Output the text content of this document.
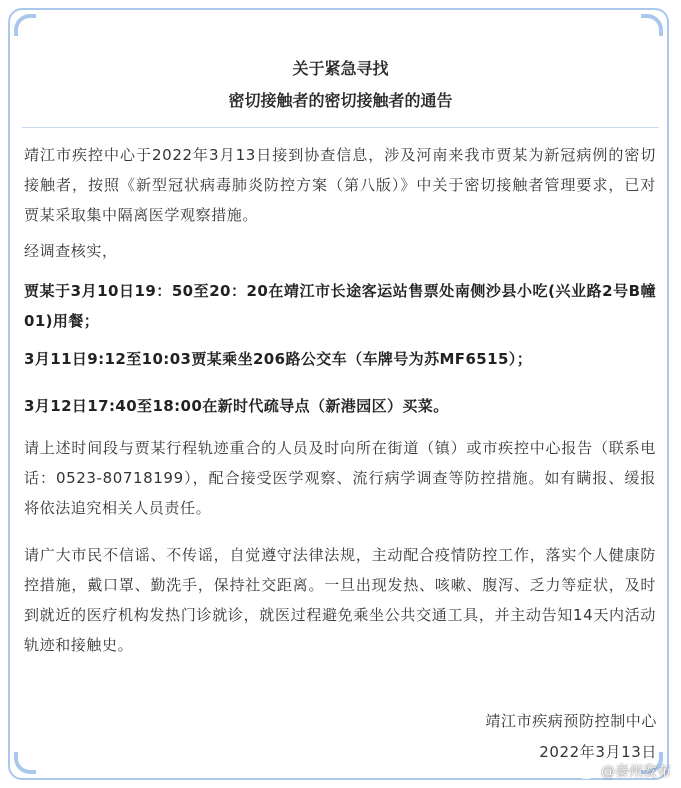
关于紧急寻找
密切接触者的密切接触者的通告

靖江市疾控中心于2022年3月13日接到协查信息，涉及河南来我市贾某为新冠病例的密切接触者，按照《新型冠状病毒肺炎防控方案（第八版）》中关于密切接触者管理要求，已对贾某采取集中隔离医学观察措施。

经调查核实，

贾某于3月10日19：50至20：20在靖江市长途客运站售票处南侧沙县小吃(兴业路2号B幢01)用餐；

3月11日9:12至10:03贾某乘坐206路公交车（车牌号为苏MF6515）；

3月12日17:40至18:00在新时代疏导点（新港园区）买菜。

请上述时间段与贾某行程轨迹重合的人员及时向所在街道（镇）或市疾控中心报告（联系电话：0523-80718199），配合接受医学观察、流行病学调查等防控措施。如有瞒报、缓报将依法追究相关人员责任。

请广大市民不信谣、不传谣，自觉遵守法律法规，主动配合疫情防控工作，落实个人健康防控措施，戴口罩、勤洗手，保持社交距离。一旦出现发热、咳嗽、腹泻、乏力等症状，及时到就近的医疗机构发热门诊就诊，就医过程避免乘坐公共交通工具，并主动告知14天内活动轨迹和接触史。

靖江市疾病预防控制中心
2022年3月13日
@泰州发布
